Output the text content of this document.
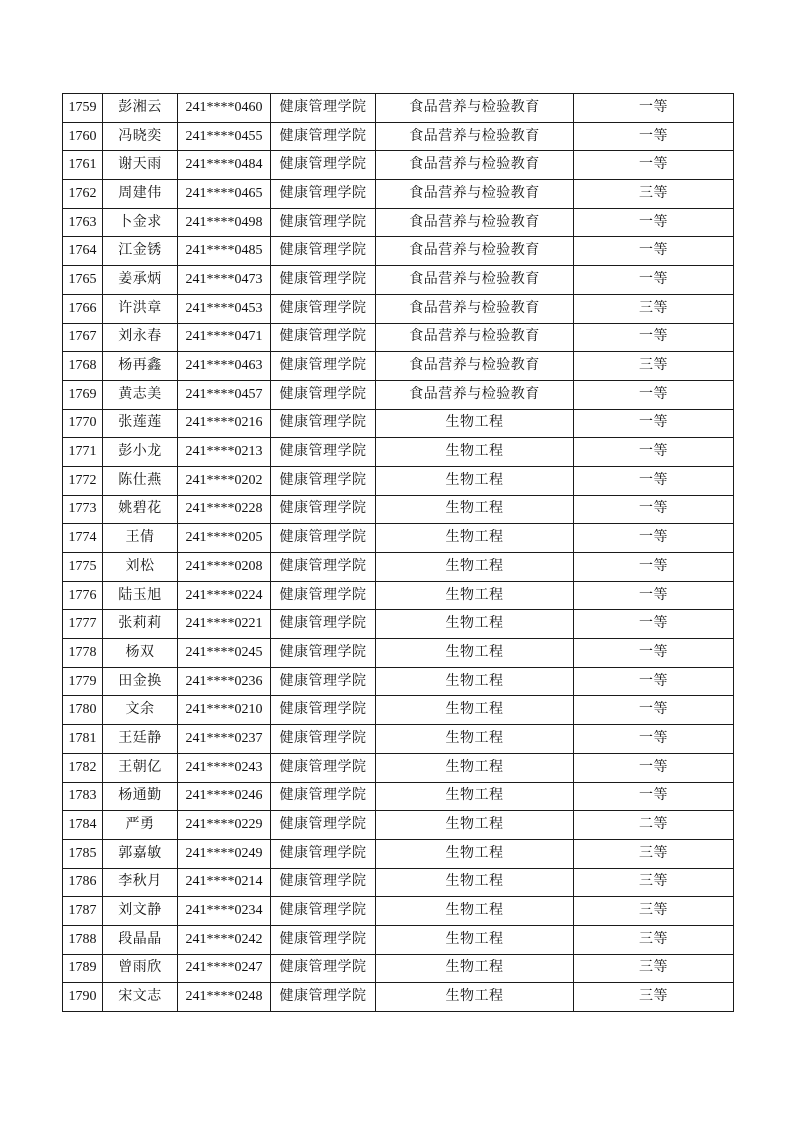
1759	彭湘云	241****0460	健康管理学院	食品营养与检验教育	一等
1760	冯晓奕	241****0455	健康管理学院	食品营养与检验教育	一等
1761	谢天雨	241****0484	健康管理学院	食品营养与检验教育	一等
1762	周建伟	241****0465	健康管理学院	食品营养与检验教育	三等
1763	卜金求	241****0498	健康管理学院	食品营养与检验教育	一等
1764	江金锈	241****0485	健康管理学院	食品营养与检验教育	一等
1765	姜承炳	241****0473	健康管理学院	食品营养与检验教育	一等
1766	许洪章	241****0453	健康管理学院	食品营养与检验教育	三等
1767	刘永春	241****0471	健康管理学院	食品营养与检验教育	一等
1768	杨再鑫	241****0463	健康管理学院	食品营养与检验教育	三等
1769	黄志美	241****0457	健康管理学院	食品营养与检验教育	一等
1770	张莲莲	241****0216	健康管理学院	生物工程	一等
1771	彭小龙	241****0213	健康管理学院	生物工程	一等
1772	陈仕燕	241****0202	健康管理学院	生物工程	一等
1773	姚碧花	241****0228	健康管理学院	生物工程	一等
1774	王倩	241****0205	健康管理学院	生物工程	一等
1775	刘松	241****0208	健康管理学院	生物工程	一等
1776	陆玉旭	241****0224	健康管理学院	生物工程	一等
1777	张莉莉	241****0221	健康管理学院	生物工程	一等
1778	杨双	241****0245	健康管理学院	生物工程	一等
1779	田金换	241****0236	健康管理学院	生物工程	一等
1780	文余	241****0210	健康管理学院	生物工程	一等
1781	王廷静	241****0237	健康管理学院	生物工程	一等
1782	王朝亿	241****0243	健康管理学院	生物工程	一等
1783	杨通勤	241****0246	健康管理学院	生物工程	一等
1784	严勇	241****0229	健康管理学院	生物工程	二等
1785	郭嘉敏	241****0249	健康管理学院	生物工程	三等
1786	李秋月	241****0214	健康管理学院	生物工程	三等
1787	刘文静	241****0234	健康管理学院	生物工程	三等
1788	段晶晶	241****0242	健康管理学院	生物工程	三等
1789	曾雨欣	241****0247	健康管理学院	生物工程	三等
1790	宋文志	241****0248	健康管理学院	生物工程	三等
